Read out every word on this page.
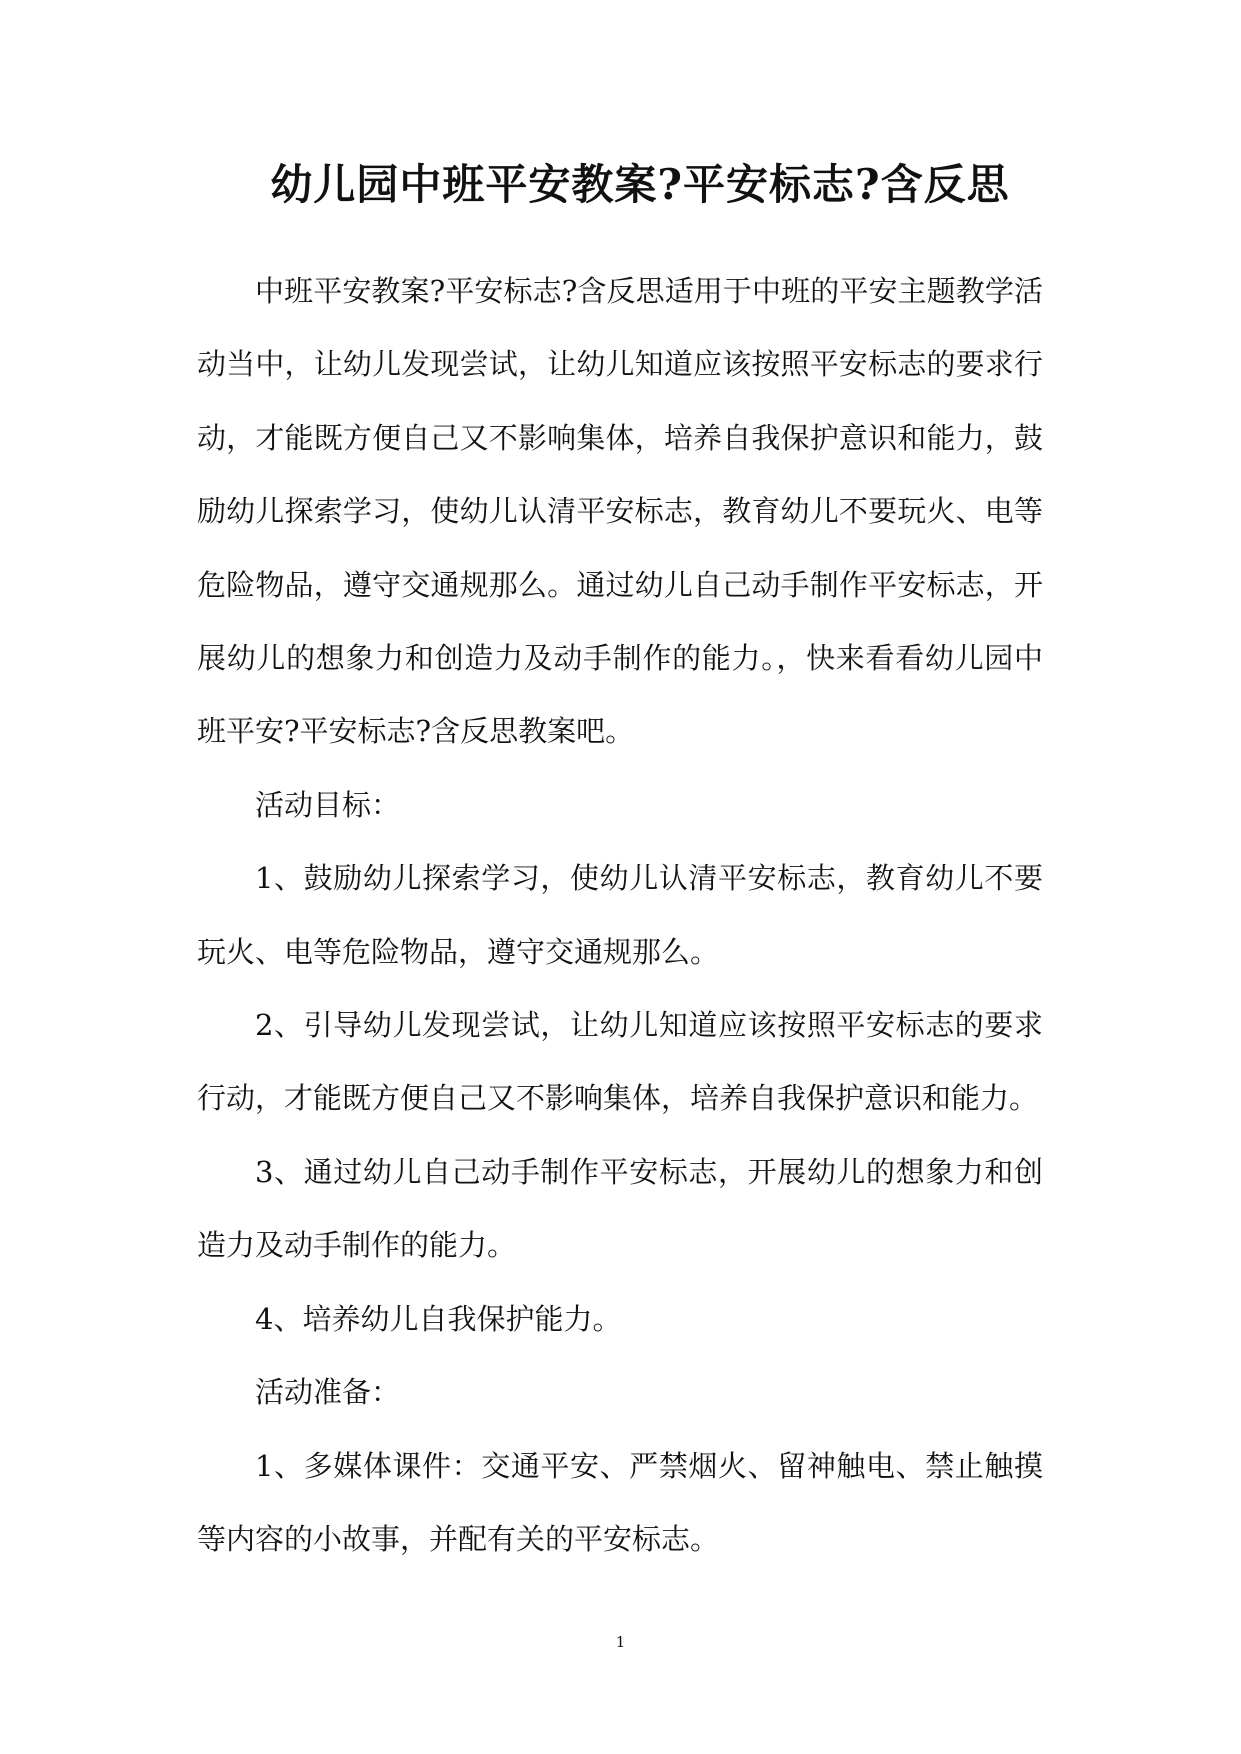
幼儿园中班平安教案?平安标志?含反思

中班平安教案?平安标志?含反思适用于中班的平安主题教学活动当中，让幼儿发现尝试，让幼儿知道应该按照平安标志的要求行动，才能既方便自己又不影响集体，培养自我保护意识和能力，鼓励幼儿探索学习，使幼儿认清平安标志，教育幼儿不要玩火、电等危险物品，遵守交通规那么。通过幼儿自己动手制作平安标志，开展幼儿的想象力和创造力及动手制作的能力。，快来看看幼儿园中班平安?平安标志?含反思教案吧。

活动目标：

1、鼓励幼儿探索学习，使幼儿认清平安标志，教育幼儿不要玩火、电等危险物品，遵守交通规那么。

2、引导幼儿发现尝试，让幼儿知道应该按照平安标志的要求行动，才能既方便自己又不影响集体，培养自我保护意识和能力。

3、通过幼儿自己动手制作平安标志，开展幼儿的想象力和创造力及动手制作的能力。

4、培养幼儿自我保护能力。

活动准备：

1、多媒体课件：交通平安、严禁烟火、留神触电、禁止触摸等内容的小故事，并配有关的平安标志。

1
